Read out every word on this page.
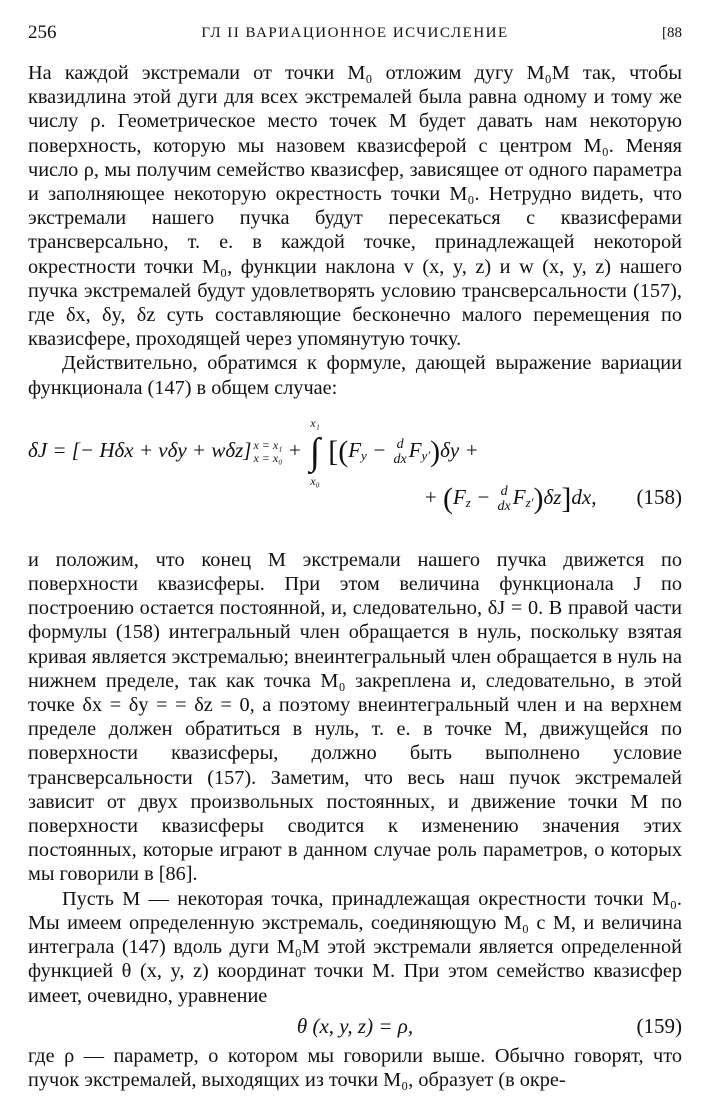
256	ГЛ II ВАРИАЦИОННОЕ ИСЧИСЛЕНИЕ	[88

На каждой экстремали от точки M₀ отложим дугу M₀M так, чтобы квазидлина этой дуги для всех экстремалей была равна одному и тому же числу ρ. Геометрическое место точек M будет давать нам некоторую поверхность, которую мы назовем квазисферой с центром M₀. Меняя число ρ, мы получим семейство квазисфер, зависящее от одного параметра и заполняющее некоторую окрестность точки M₀. Нетрудно видеть, что экстремали нашего пучка будут пересекаться с квазисферами трансверсально, т. е. в каждой точке, принадлежащей некоторой окрестности точки M₀, функции наклона v (x, y, z) и w (x, y, z) нашего пучка экстремалей будут удовлетворять условию трансверсальности (157), где δx, δy, δz суть составляющие бесконечно малого перемещения по квазисфере, проходящей через упомянутую точку.

Действительно, обратимся к формуле, дающей выражение вариации функционала (147) в общем случае:

δJ = [− Hδx + vδy + wδz] x = x₁
x = x₀ +x₁
∫
$x_0[(F_y - d$
dxF$_{y'}$)δy +
+ ($F_z - d$
dxF$_{z'}$)δz]dx, (158)

и положим, что конец M экстремали нашего пучка движется по поверхности квазисферы. При этом величина функционала J по построению остается постоянной, и, следовательно, δJ = 0. В правой части формулы (158) интегральный член обращается в нуль, поскольку взятая кривая является экстремалью; внеинтегральный член обращается в нуль на нижнем пределе, так как точка M₀ закреплена и, следовательно, в этой точке δx = δy = = δz = 0, а поэтому внеинтегральный член и на верхнем пределе должен обратиться в нуль, т. е. в точке M, движущейся по поверхности квазисферы, должно быть выполнено условие трансверсальности (157). Заметим, что весь наш пучок экстремалей зависит от двух произвольных постоянных, и движение точки M по поверхности квазисферы сводится к изменению значения этих постоянных, которые играют в данном случае роль параметров, о которых мы говорили в [86].

Пусть M — некоторая точка, принадлежащая окрестности точки M₀. Мы имеем определенную экстремаль, соединяющую M₀ с M, и величина интеграла (147) вдоль дуги M₀M этой экстремали является определенной функцией θ (x, y, z) координат точки M. При этом семейство квазисфер имеет, очевидно, уравнение

θ (x, y, z) = ρ,	(159)

где ρ — параметр, о котором мы говорили выше. Обычно говорят, что пучок экстремалей, выходящих из точки M₀, образует (в окре-
